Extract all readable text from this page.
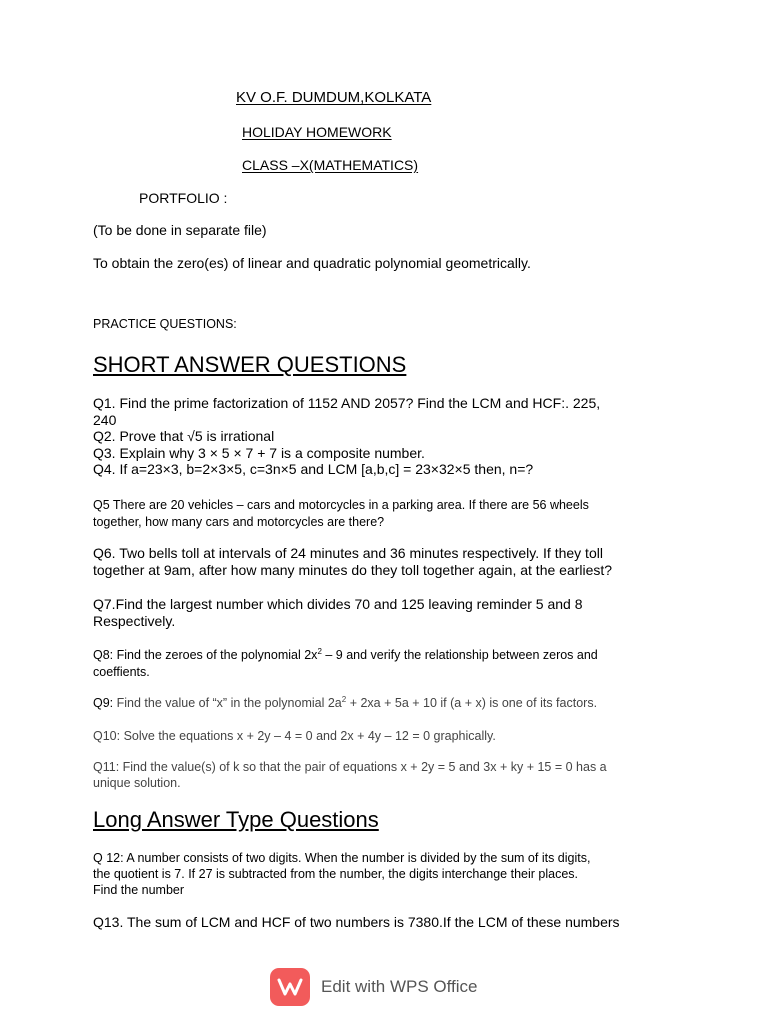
KV O.F. DUMDUM,KOLKATA
HOLIDAY HOMEWORK
CLASS –X(MATHEMATICS)
PORTFOLIO :
(To be done in separate file)
To obtain the zero(es) of linear and quadratic polynomial geometrically.
PRACTICE QUESTIONS:
SHORT ANSWER QUESTIONS

Q1. Find the prime factorization of 1152 AND 2057? Find the LCM and HCF:. 225,

240

Q2. Prove that √5 is irrational

Q3. Explain why 3 × 5 × 7 + 7 is a composite number.

Q4. If a=23×3, b=2×3×5, c=3n×5 and LCM [a,b,c] = 23×32×5 then, n=?

Q5 There are 20 vehicles – cars and motorcycles in a parking area. If there are 56 wheels

together, how many cars and motorcycles are there?

Q6. Two bells toll at intervals of 24 minutes and 36 minutes respectively. If they toll

together at 9am, after how many minutes do they toll together again, at the earliest?

Q7.Find the largest number which divides 70 and 125 leaving reminder 5 and 8

Respectively.

Q8: Find the zeroes of the polynomial $2x^2 - 9$ and verify the relationship between zeros and

coeffients.

Q9: Find the value of “x” in the polynomial $2a^2 + 2xa + 5a + 10$ if (a + x) is one of its factors.

Q10: Solve the equations x + 2y – 4 = 0 and 2x + 4y – 12 = 0 graphically.

Q11: Find the value(s) of k so that the pair of equations x + 2y = 5 and 3x + ky + 15 = 0 has a

unique solution.

Long Answer Type Questions

Q 12: A number consists of two digits. When the number is divided by the sum of its digits,

the quotient is 7. If 27 is subtracted from the number, the digits interchange their places.

Find the number

Q13. The sum of LCM and HCF of two numbers is 7380.If the LCM of these numbers

Edit with WPS Office
